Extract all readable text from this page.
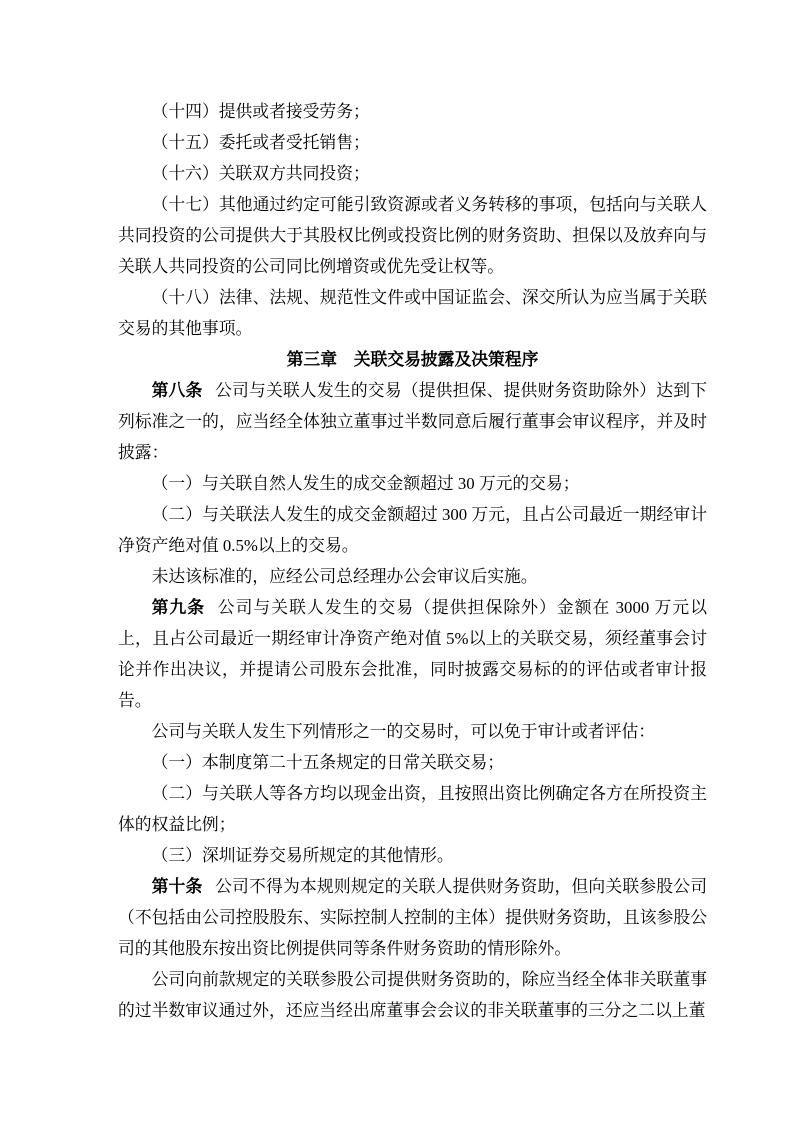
（十四）提供或者接受劳务；

（十五）委托或者受托销售；

（十六）关联双方共同投资；

（十七）其他通过约定可能引致资源或者义务转移的事项，包括向与关联人共同投资的公司提供大于其股权比例或投资比例的财务资助、担保以及放弃向与关联人共同投资的公司同比例增资或优先受让权等。

（十八）法律、法规、规范性文件或中国证监会、深交所认为应当属于关联交易的其他事项。

第三章　关联交易披露及决策程序

第八条 公司与关联人发生的交易（提供担保、提供财务资助除外）达到下列标准之一的，应当经全体独立董事过半数同意后履行董事会审议程序，并及时披露：

（一）与关联自然人发生的成交金额超过 30 万元的交易；

（二）与关联法人发生的成交金额超过 300 万元，且占公司最近一期经审计净资产绝对值 0.5%以上的交易。

未达该标准的，应经公司总经理办公会审议后实施。

第九条 公司与关联人发生的交易（提供担保除外）金额在 3000 万元以上，且占公司最近一期经审计净资产绝对值 5%以上的关联交易，须经董事会讨论并作出决议，并提请公司股东会批准，同时披露交易标的的评估或者审计报告。

公司与关联人发生下列情形之一的交易时，可以免于审计或者评估：

（一）本制度第二十五条规定的日常关联交易；

（二）与关联人等各方均以现金出资，且按照出资比例确定各方在所投资主体的权益比例；

（三）深圳证券交易所规定的其他情形。

第十条 公司不得为本规则规定的关联人提供财务资助，但向关联参股公司（不包括由公司控股股东、实际控制人控制的主体）提供财务资助，且该参股公司的其他股东按出资比例提供同等条件财务资助的情形除外。

公司向前款规定的关联参股公司提供财务资助的，除应当经全体非关联董事的过半数审议通过外，还应当经出席董事会会议的非关联董事的三分之二以上董
